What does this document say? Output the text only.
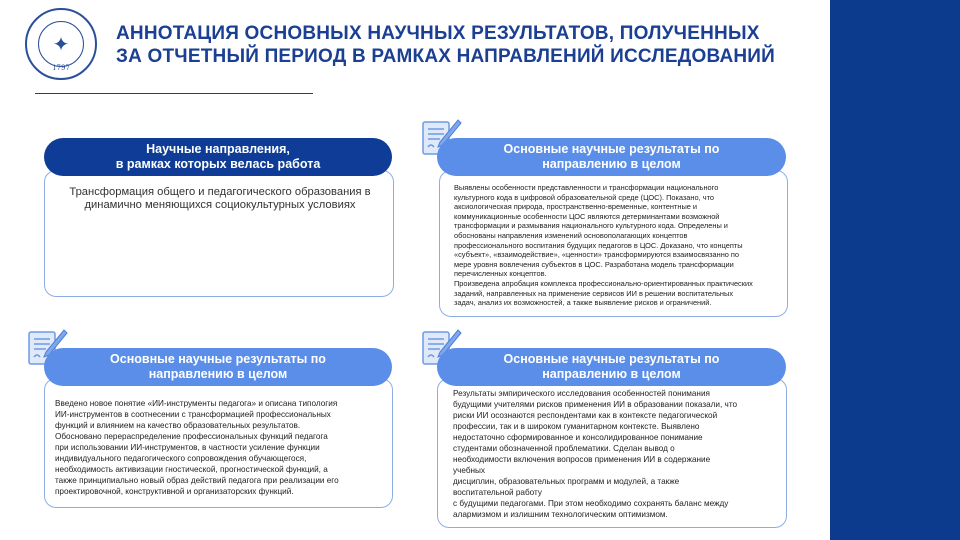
✦
1797
АННОТАЦИЯ ОСНОВНЫХ НАУЧНЫХ РЕЗУЛЬТАТОВ, ПОЛУЧЕННЫХ
ЗА ОТЧЕТНЫЙ ПЕРИОД В РАМКАХ НАПРАВЛЕНИЙ ИССЛЕДОВАНИЙ
Трансформация общего и педагогического образования в динамично меняющихся социокультурных условиях
Научные направления,
в рамках которых велась работа
Выявлены особенности представленности и трансформации национального
культурного кода в цифровой образовательной среде (ЦОС). Показано, что
аксиологическая природа, пространственно-временные, контентные и
коммуникационные особенности ЦОС являются детерминантами возможной
трансформации и размывания национального культурного кода. Определены и
обоснованы направления изменений основополагающих концептов
профессионального воспитания будущих педагогов в ЦОС. Доказано, что концепты
«субъект», «взаимодействие», «ценности» трансформируются взаимосвязанно по
мере уровня вовлечения субъектов в ЦОС. Разработана модель трансформации
перечисленных концептов.
Произведена апробация комплекса профессионально-ориентированных практических
заданий, направленных на применение сервисов ИИ в решении воспитательных
задач, анализ их возможностей, а также выявление рисков и ограничений.
Основные научные результаты по
направлению в целом
Введено новое понятие «ИИ-инструменты педагога» и описана типология
ИИ-инструментов в соотнесении с трансформацией профессиональных
функций и влиянием на качество образовательных результатов.
Обосновано перераспределение профессиональных функций педагога
при использовании ИИ-инструментов, в частности усиление функции
индивидуального педагогического сопровождения обучающегося,
необходимость активизации гностической, прогностической функций, а
также принципиально новый образ действий педагога при реализации его
проектировочной, конструктивной и организаторских функций.
Основные научные результаты по
направлению в целом
Результаты эмпирического исследования особенностей понимания
будущими учителями рисков применения ИИ в образовании показали, что
риски ИИ осознаются респондентами как в контексте педагогической
профессии, так и в широком гуманитарном контексте. Выявлено
недостаточно сформированное и консолидированное понимание
студентами обозначенной проблематики. Сделан вывод о
необходимости включения вопросов применения ИИ в содержание
учебных
дисциплин, образовательных программ и модулей, а также
воспитательной работу
с будущими педагогами. При этом необходимо сохранять баланс между
алармизмом и излишним технологическим оптимизмом.
Основные научные результаты по
направлению в целом
